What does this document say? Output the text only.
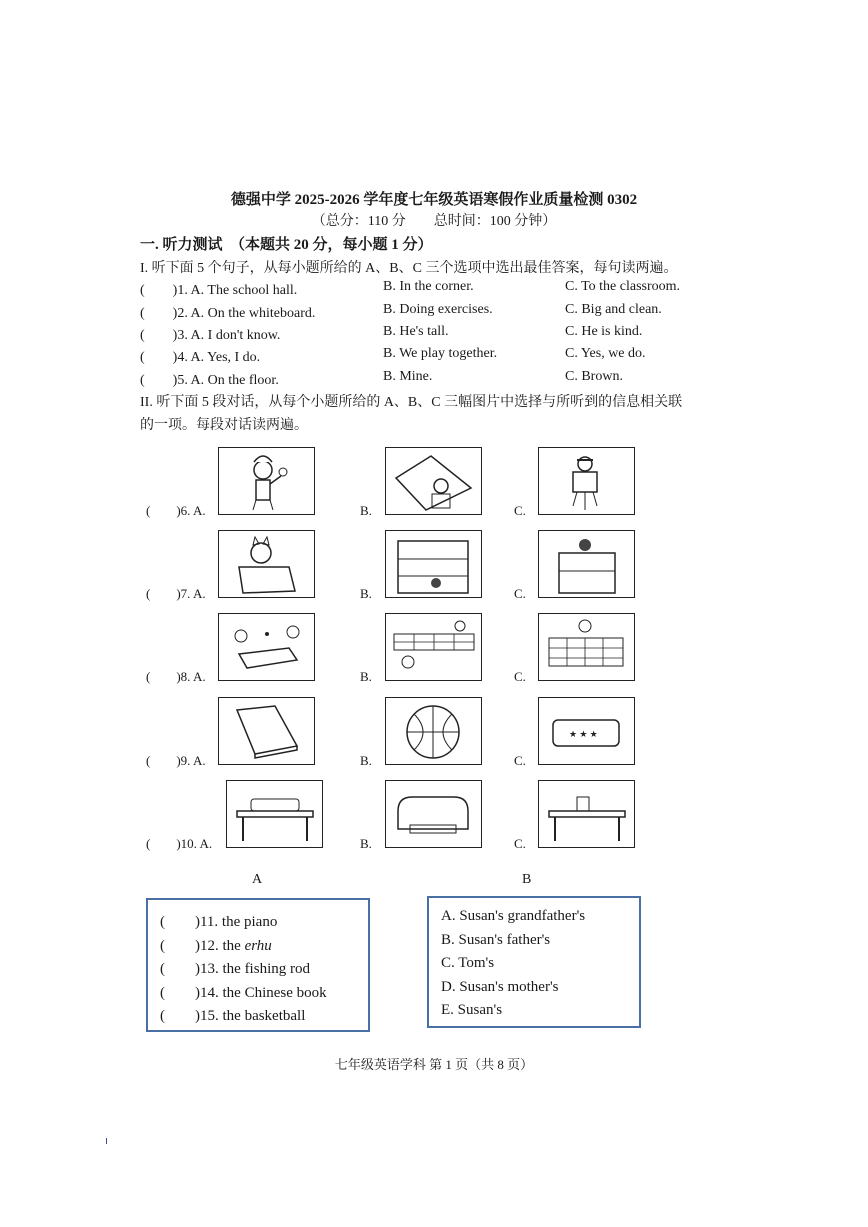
德强中学 2025-2026 学年度七年级英语寒假作业质量检测 0302
（总分：110 分　　总时间：100 分钟）
一. 听力测试　（本题共 20 分，每小题 1 分）
I. 听下面 5 个句子，从每小题所给的 A、B、C 三个选项中选出最佳答案，每句读两遍。
(　　)1. A. The school hall.	B. In the corner.	C. To the classroom.
(　　)2. A. On the whiteboard.	B. Doing exercises.	C. Big and clean.
(　　)3. A. I don't know.	B. He's tall.	C. He is kind.
(　　)4. A. Yes, I do.	B. We play together.	C. Yes, we do.
(　　)5. A. On the floor.	B. Mine.	C. Brown.
II. 听下面 5 段对话，从每个小题所给的 A、B、C 三幅图片中选择与所听到的信息相关联
的一项。每段对话读两遍。
(　　)6. A.	B.	C.
(　　)7. A.	B.	C.
(　　)8. A.	B.	C.
(　　)9. A.	B.	C.
★ ★ ★
(　　)10. A.	B.	C.
A	B
(　　)11. the piano
(　　)12. the erhu
(　　)13. the fishing rod
(　　)14. the Chinese book
(　　)15. the basketball
A. Susan's grandfather's
B. Susan's father's
C. Tom's
D. Susan's mother's
E. Susan's
七年级英语学科 第 1 页（共 8 页）
